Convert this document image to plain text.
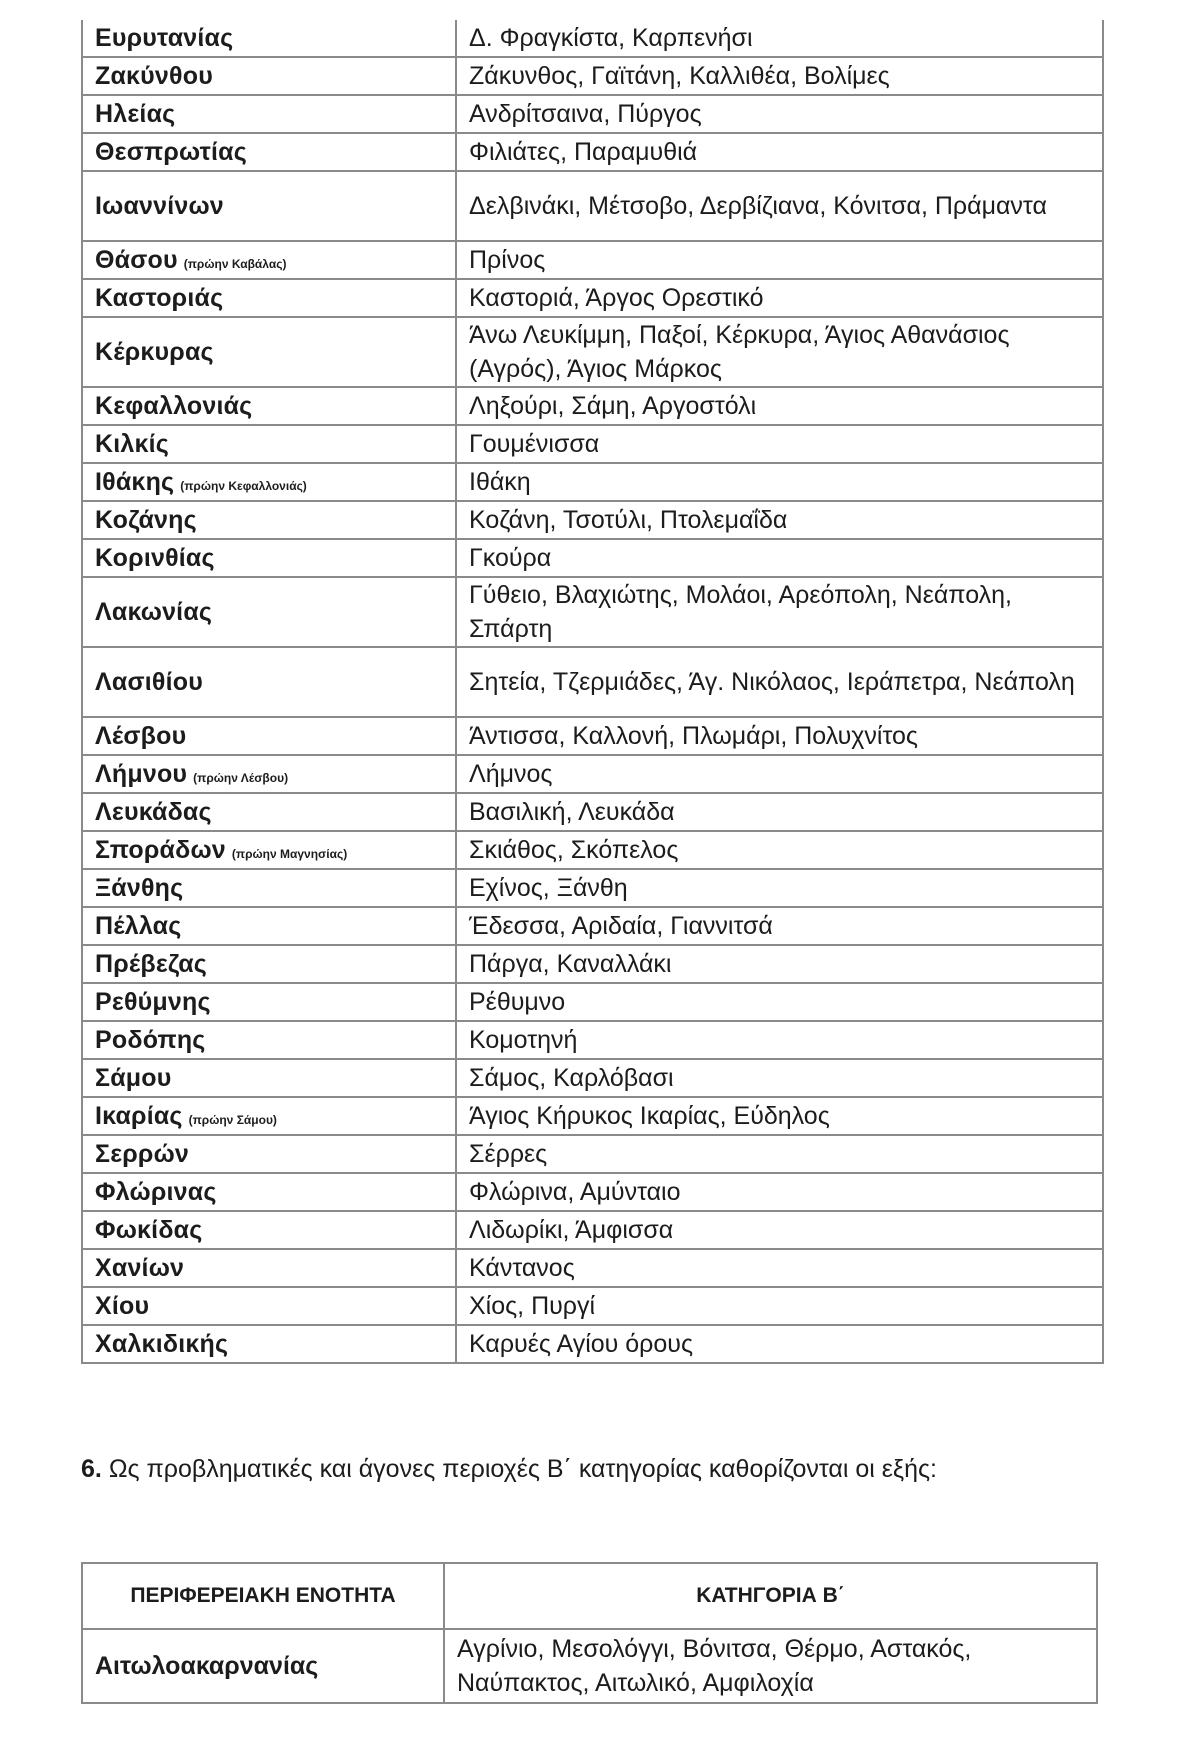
Ευρυτανίας	Δ. Φραγκίστα, Καρπενήσι
Ζακύνθου	Ζάκυνθος, Γαϊτάνη, Καλλιθέα, Βολίμες
Ηλείας	Ανδρίτσαινα, Πύργος
Θεσπρωτίας	Φιλιάτες, Παραμυθιά
Ιωαννίνων	Δελβινάκι, Μέτσοβο, Δερβίζιανα, Κόνιτσα, Πράμαντα
Θάσου (πρώην Καβάλας)	Πρίνος
Καστοριάς	Καστοριά, Άργος Ορεστικό
Κέρκυρας	Άνω Λευκίμμη, Παξοί, Κέρκυρα, Άγιος Αθανάσιος (Αγρός), Άγιος Μάρκος
Κεφαλλονιάς	Ληξούρι, Σάμη, Αργοστόλι
Κιλκίς	Γουμένισσα
Ιθάκης (πρώην Κεφαλλονιάς)	Ιθάκη
Κοζάνης	Κοζάνη, Τσοτύλι, Πτολεμαΐδα
Κορινθίας	Γκούρα
Λακωνίας	Γύθειο, Βλαχιώτης, Μολάοι, Αρεόπολη, Νεάπολη, Σπάρτη
Λασιθίου	Σητεία, Τζερμιάδες, Άγ. Νικόλαος, Ιεράπετρα, Νεάπολη
Λέσβου	Άντισσα, Καλλονή, Πλωμάρι, Πολυχνίτος
Λήμνου (πρώην Λέσβου)	Λήμνος
Λευκάδας	Βασιλική, Λευκάδα
Σποράδων (πρώην Μαγνησίας)	Σκιάθος, Σκόπελος
Ξάνθης	Εχίνος, Ξάνθη
Πέλλας	Έδεσσα, Αριδαία, Γιαννιτσά
Πρέβεζας	Πάργα, Καναλλάκι
Ρεθύμνης	Ρέθυμνο
Ροδόπης	Κομοτηνή
Σάμου	Σάμος, Καρλόβασι
Ικαρίας (πρώην Σάμου)	Άγιος Κήρυκος Ικαρίας, Εύδηλος
Σερρών	Σέρρες
Φλώρινας	Φλώρινα, Αμύνταιο
Φωκίδας	Λιδωρίκι, Άμφισσα
Χανίων	Κάντανος
Χίου	Χίος, Πυργί
Χαλκιδικής	Καρυές Αγίου όρους

6. Ως προβληματικές και άγονες περιοχές Β΄ κατηγορίας καθορίζονται οι εξής:

ΠΕΡΙΦΕΡΕΙΑΚΗ ΕΝΟΤΗΤΑ	ΚΑΤΗΓΟΡΙΑ Β΄
Αιτωλοακαρνανίας	Αγρίνιο, Μεσολόγγι, Βόνιτσα, Θέρμο, Αστακός, Ναύπακτος, Αιτωλικό, Αμφιλοχία
